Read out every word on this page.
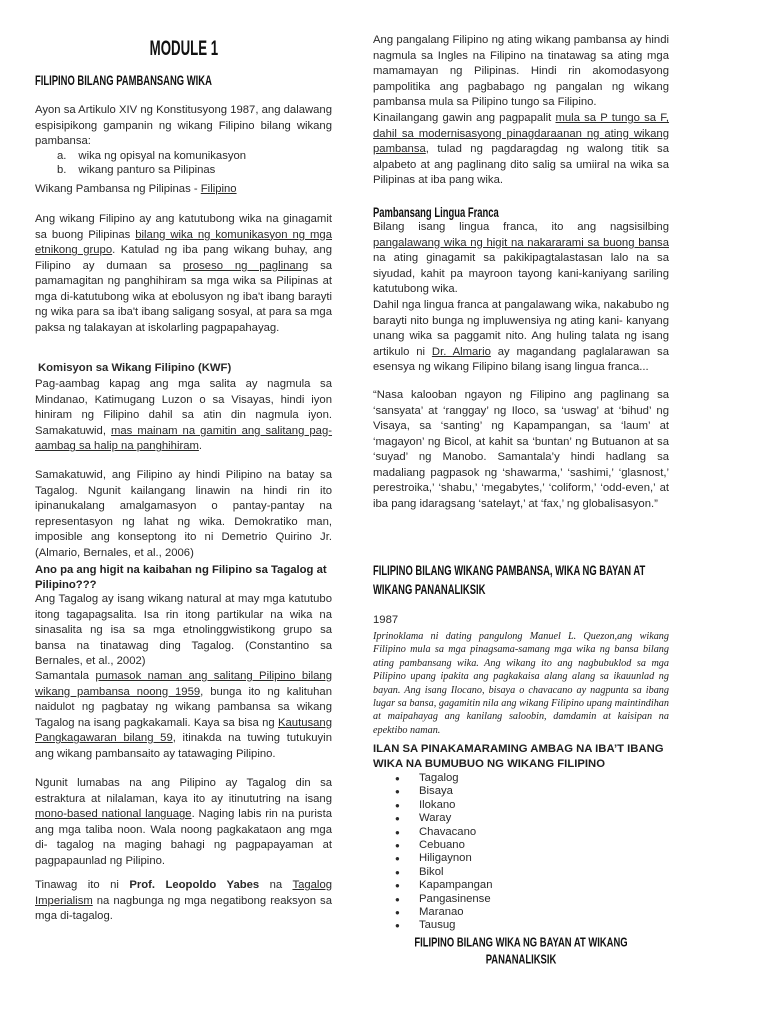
MODULE 1
FILIPINO BILANG PAMBANSANG WIKA

Ayon sa Artikulo XIV ng Konstitusyong 1987, ang dalawang espisipikong gampanin ng wikang Filipino bilang wikang pambansa:

a. wika ng opisyal na komunikasyon
b. wikang panturo sa Pilipinas

Wikang Pambansa ng Pilipinas - Filipino

Ang wikang Filipino ay ang katutubong wika na ginagamit sa buong Pilipinas bilang wika ng komunikasyon ng mga etnikong grupo. Katulad ng iba pang wikang buhay, ang Filipino ay dumaan sa proseso ng paglinang sa pamamagitan ng panghihiram sa mga wika sa Pilipinas at mga di-katutubong wika at ebolusyon ng iba't ibang barayti ng wika para sa iba't ibang saligang sosyal, at para sa mga paksa ng talakayan at iskolarling pagpapahayag.

Komisyon sa Wikang Filipino (KWF)

Pag-aambag kapag ang mga salita ay nagmula sa Mindanao, Katimugang Luzon o sa Visayas, hindi iyon hiniram ng Filipino dahil sa atin din nagmula iyon. Samakatuwid, mas mainam na gamitin ang salitang pag- aambag sa halip na panghihiram.

Samakatuwid, ang Filipino ay hindi Pilipino na batay sa Tagalog. Ngunit kailangang linawin na hindi rin ito ipinanukalang amalgamasyon o pantay-pantay na representasyon ng lahat ng wika. Demokratiko man, imposible ang konseptong ito ni Demetrio Quirino Jr. (Almario, Bernales, et al., 2006)

Ano pa ang higit na kaibahan ng Filipino sa Tagalog at Pilipino???

Ang Tagalog ay isang wikang natural at may mga katutubo itong tagapagsalita. Isa rin itong partikular na wika na sinasalita ng isa sa mga etnolinggwistikong grupo sa bansa na tinatawag ding Tagalog. (Constantino sa Bernales, et al., 2002)

Samantala pumasok naman ang salitang Pilipino bilang wikang pambansa noong 1959, bunga ito ng kalituhan naidulot ng pagbatay ng wikang pambansa sa wikang Tagalog na isang pagkakamali. Kaya sa bisa ng Kautusang Pangkagawaran bilang 59, itinakda na tuwing tutukuyin ang wikang pambansaito ay tatawaging Pilipino.

Ngunit lumabas na ang Pilipino ay Tagalog din sa estraktura at nilalaman, kaya ito ay itinututring na isang mono-based national language. Naging labis rin na purista ang mga taliba noon. Wala noong pagkakataon ang mga di- tagalog na maging bahagi ng pagpapayaman at pagpapaunlad ng Pilipino.

Tinawag ito ni Prof. Leopoldo Yabes na Tagalog Imperialism na nagbunga ng mga negatibong reaksyon sa mga di-tagalog.

Ang pangalang Filipino ng ating wikang pambansa ay hindi nagmula sa Ingles na Filipino na tinatawag sa ating mga mamamayan ng Pilipinas. Hindi rin akomodasyong pampolitika ang pagbabago ng pangalan ng wikang pambansa mula sa Pilipino tungo sa Filipino.

Kinailangang gawin ang pagpapalit mula sa P tungo sa F, dahil sa modernisasyong pinagdaraanan ng ating wikang pambansa, tulad ng pagdaragdag ng walong titik sa alpabeto at ang paglinang dito salig sa umiiral na wika sa Pilipinas at iba pang wika.

Pambansang Lingua Franca

Bilang isang lingua franca, ito ang nagsisilbing pangalawang wika ng higit na nakararami sa buong bansa na ating ginagamit sa pakikipagtalastasan lalo na sa siyudad, kahit pa mayroon tayong kani-kaniyang sariling katutubong wika.

Dahil nga lingua franca at pangalawang wika, nakabubo ng barayti nito bunga ng impluwensiya ng ating kani- kanyang unang wika sa paggamit nito. Ang huling talata ng isang artikulo ni Dr. Almario ay magandang paglalarawan sa esensya ng wikang Filipino bilang isang lingua franca...

“Nasa kalooban ngayon ng Filipino ang paglinang sa ‘sansyata’ at ‘ranggay’ ng Iloco, sa ‘uswag’ at ‘bihud’ ng Visaya, sa ‘santing’ ng Kapampangan, sa ‘laum’ at ‘magayon’ ng Bicol, at kahit sa ‘buntan’ ng Butuanon at sa ‘suyad’ ng Manobo. Samantala’y hindi hadlang sa madaliang pagpasok ng ‘shawarma,’ ‘sashimi,’ ‘glasnost,’ perestroika,’ ‘shabu,’ ‘megabytes,’ ‘coliform,’ ‘odd-even,’ at iba pang idaragsang ‘satelayt,’ at ‘fax,’ ng globalisasyon.”

FILIPINO BILANG WIKANG PAMBANSA, WIKA NG BAYAN AT
WIKANG PANANALIKSIK

1987

Iprinoklama ni dating pangulong Manuel L. Quezon,ang wikang Filipino mula sa mga pinagsama-samang mga wika ng bansa bilang ating pambansang wika. Ang wikang ito ang nagbubuklod sa mga Pilipino upang ipakita ang pagkakaisa alang alang sa ikauunlad ng bayan. Ang isang Ilocano, bisaya o chavacano ay nagpunta sa ibang lugar sa bansa, gagamitin nila ang wikang Filipino upang maintindihan at maipahayag ang kanilang saloobin, damdamin at kaisipan na epektibo naman.

ILAN SA PINAKAMARAMING AMBAG NA IBA’T IBANG WIKA NA BUMUBUO NG WIKANG FILIPINO

● Tagalog
● Bisaya
● Ilokano
● Waray
● Chavacano
● Cebuano
● Hiligaynon
● Bikol
● Kapampangan
● Pangasinense
● Maranao
● Tausug
FILIPINO BILANG WIKA NG BAYAN AT WIKANG
PANANALIKSIK
